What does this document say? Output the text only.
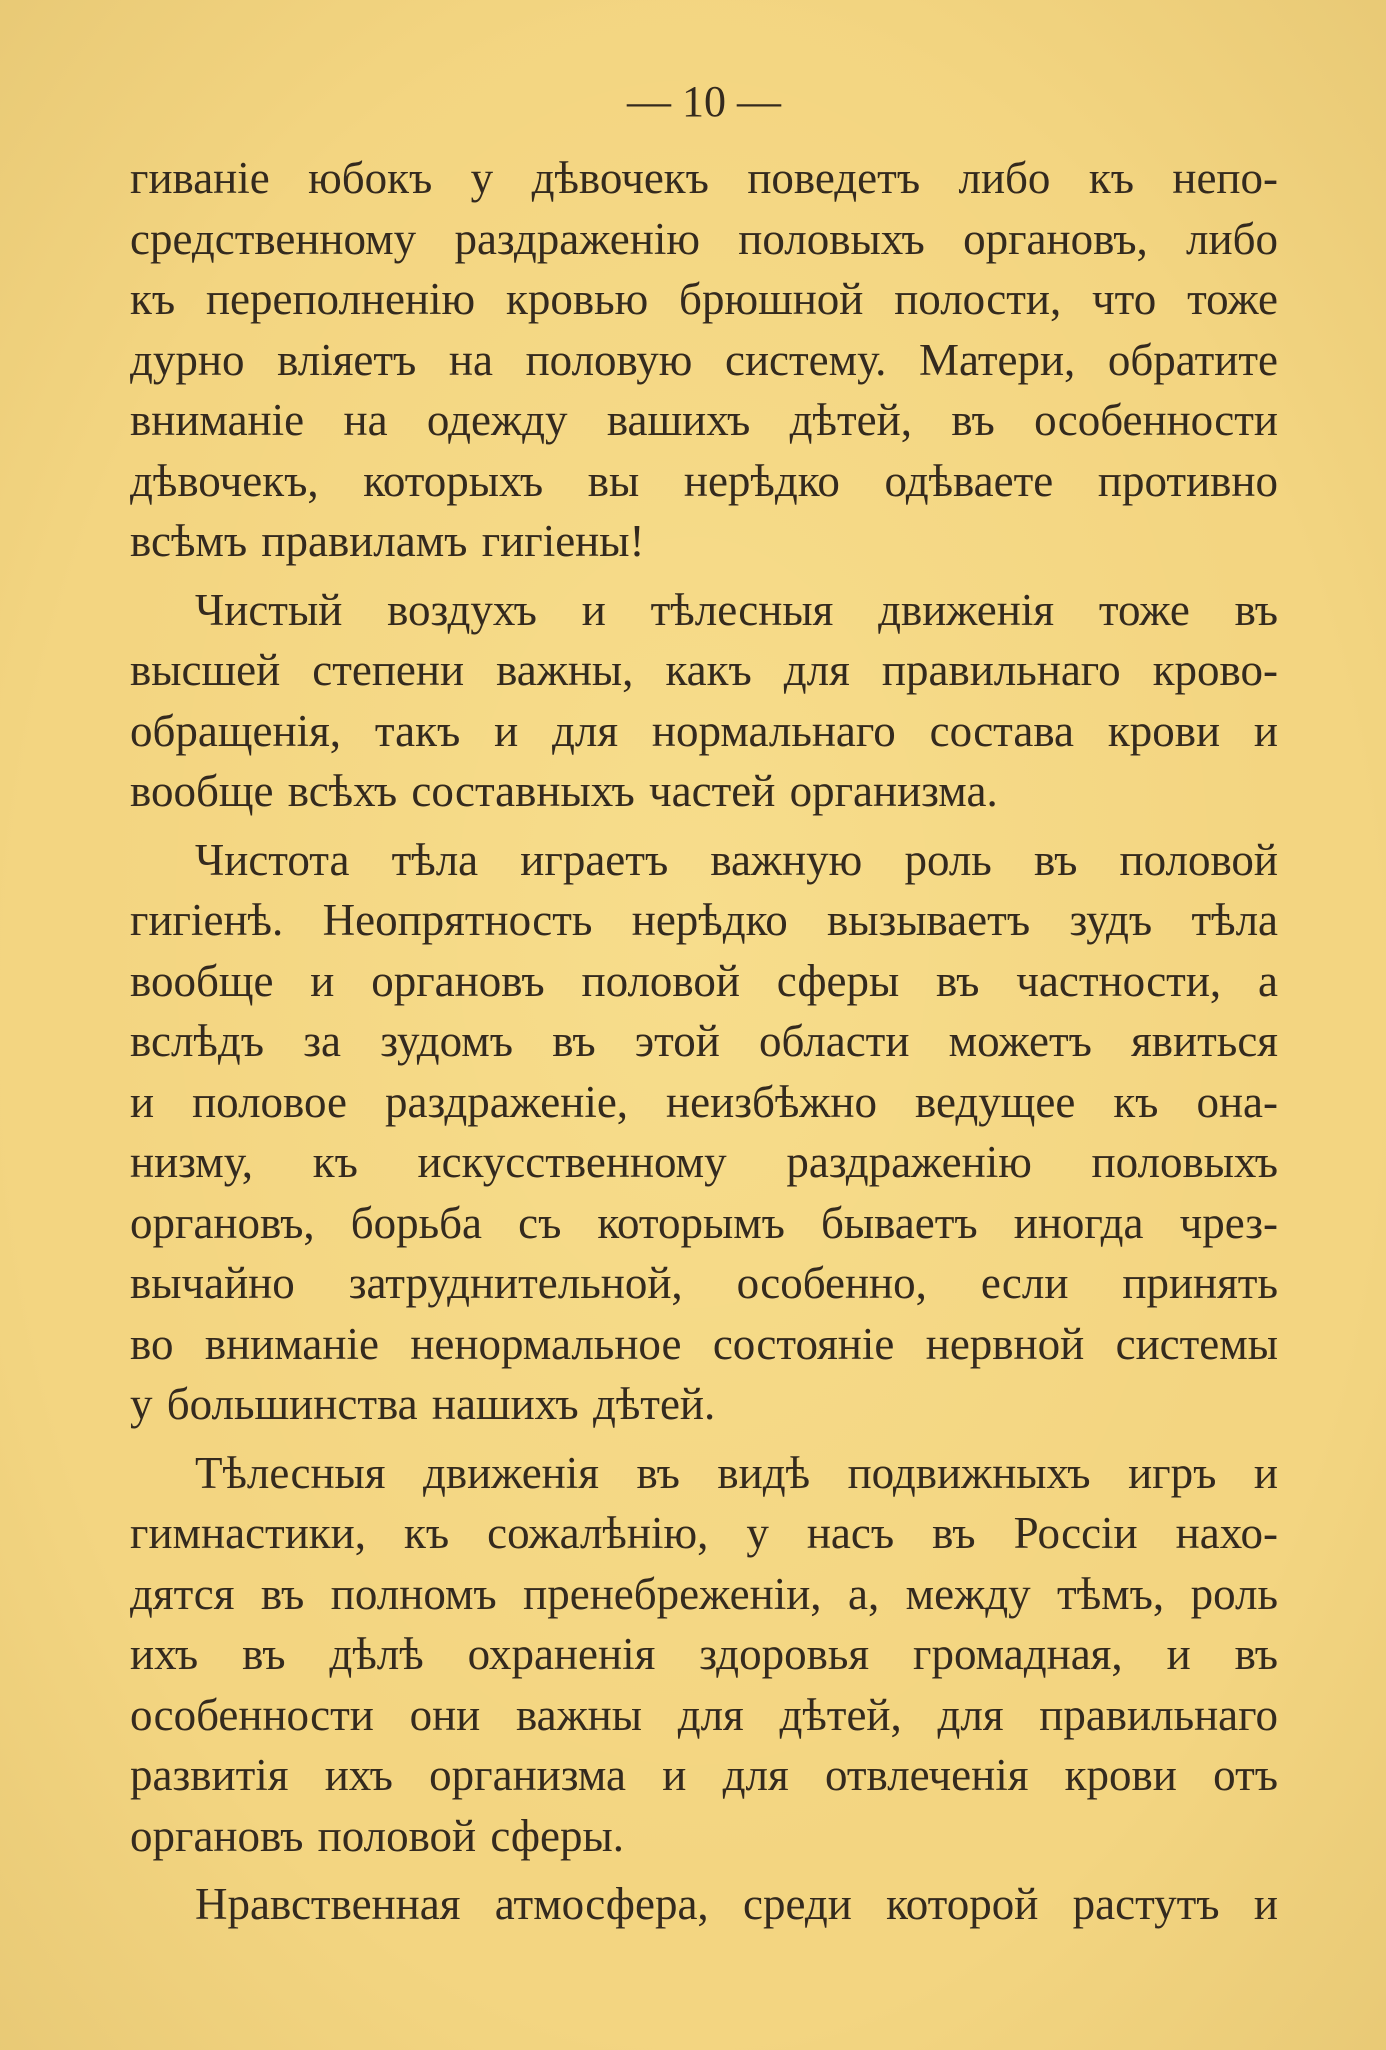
— 10 —
гиваніе юбокъ у дѣвочекъ поведетъ либо къ непо-
средственному раздраженію половыхъ органовъ, либо
къ переполненію кровью брюшной полости, что тоже
дурно вліяетъ на половую систему. Матери, обратите
вниманіе на одежду вашихъ дѣтей, въ особенности
дѣвочекъ, которыхъ вы нерѣдко одѣваете противно
всѣмъ правиламъ гигіены!
Чистый воздухъ и тѣлесныя движенія тоже въ
высшей степени важны, какъ для правильнаго крово-
обращенія, такъ и для нормальнаго состава крови и
вообще всѣхъ составныхъ частей организма.
Чистота тѣла играетъ важную роль въ половой
гигіенѣ. Неопрятность нерѣдко вызываетъ зудъ тѣла
вообще и органовъ половой сферы въ частности, а
вслѣдъ за зудомъ въ этой области можетъ явиться
и половое раздраженіе, неизбѣжно ведущее къ она-
низму, къ искусственному раздраженію половыхъ
органовъ, борьба съ которымъ бываетъ иногда чрез-
вычайно затруднительной, особенно, если принять
во вниманіе ненормальное состояніе нервной системы
у большинства нашихъ дѣтей.
Тѣлесныя движенія въ видѣ подвижныхъ игръ и
гимнастики, къ сожалѣнію, у насъ въ Россіи нахо-
дятся въ полномъ пренебреженіи, а, между тѣмъ, роль
ихъ въ дѣлѣ охраненія здоровья громадная, и въ
особенности они важны для дѣтей, для правильнаго
развитія ихъ организма и для отвлеченія крови отъ
органовъ половой сферы.
Нравственная атмосфера, среди которой растутъ и
